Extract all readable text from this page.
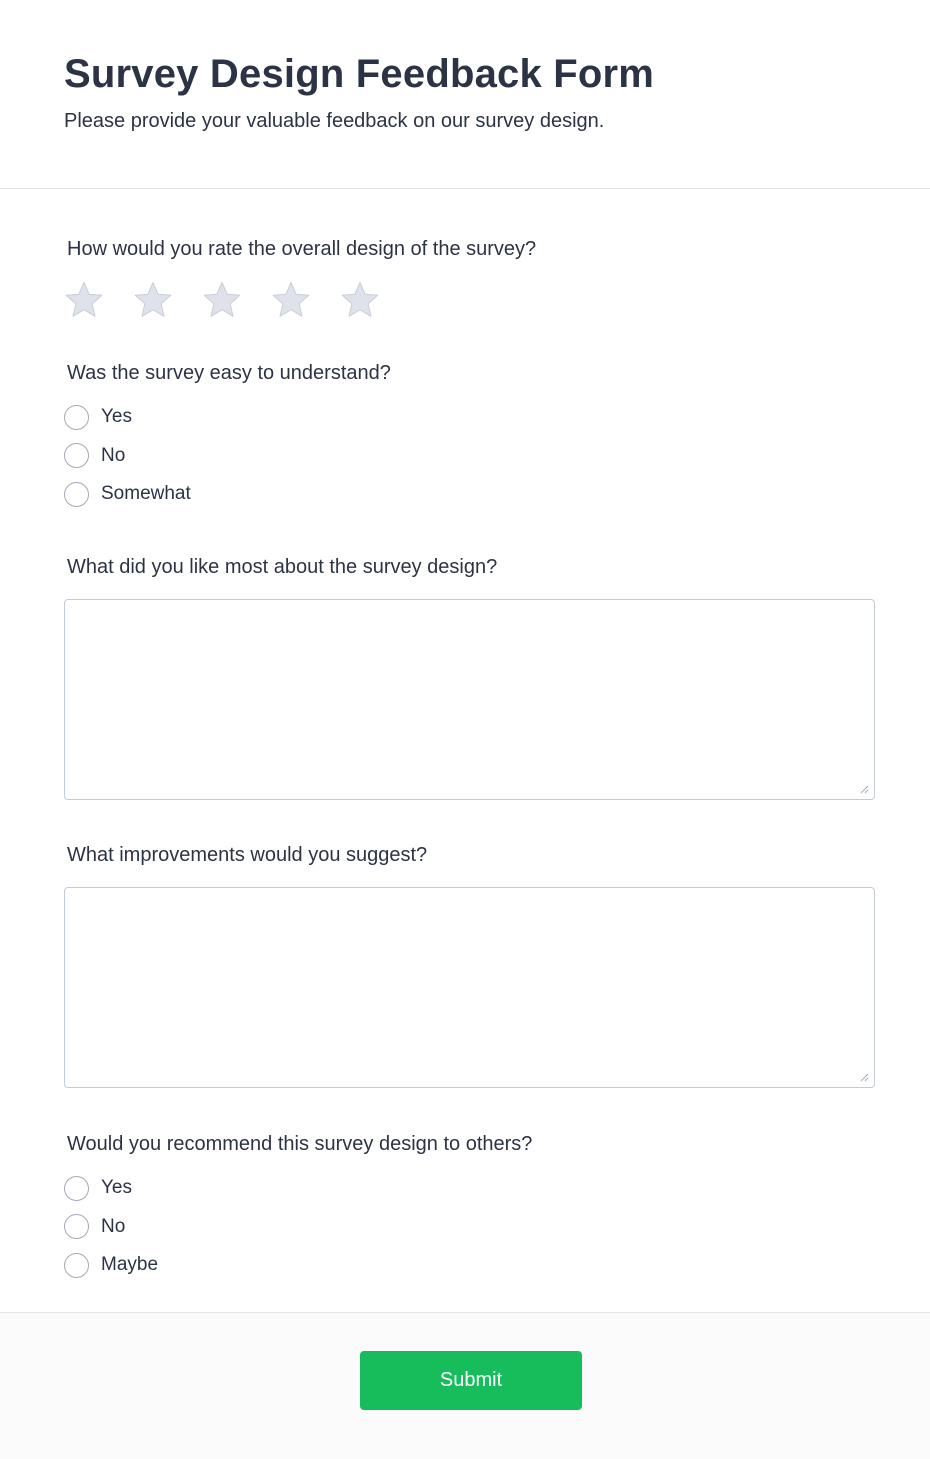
Survey Design Feedback Form
Please provide your valuable feedback on our survey design.
How would you rate the overall design of the survey?
Was the survey easy to understand?
Yes
No
Somewhat
What did you like most about the survey design?
What improvements would you suggest?
Would you recommend this survey design to others?
Yes
No
Maybe
Submit
